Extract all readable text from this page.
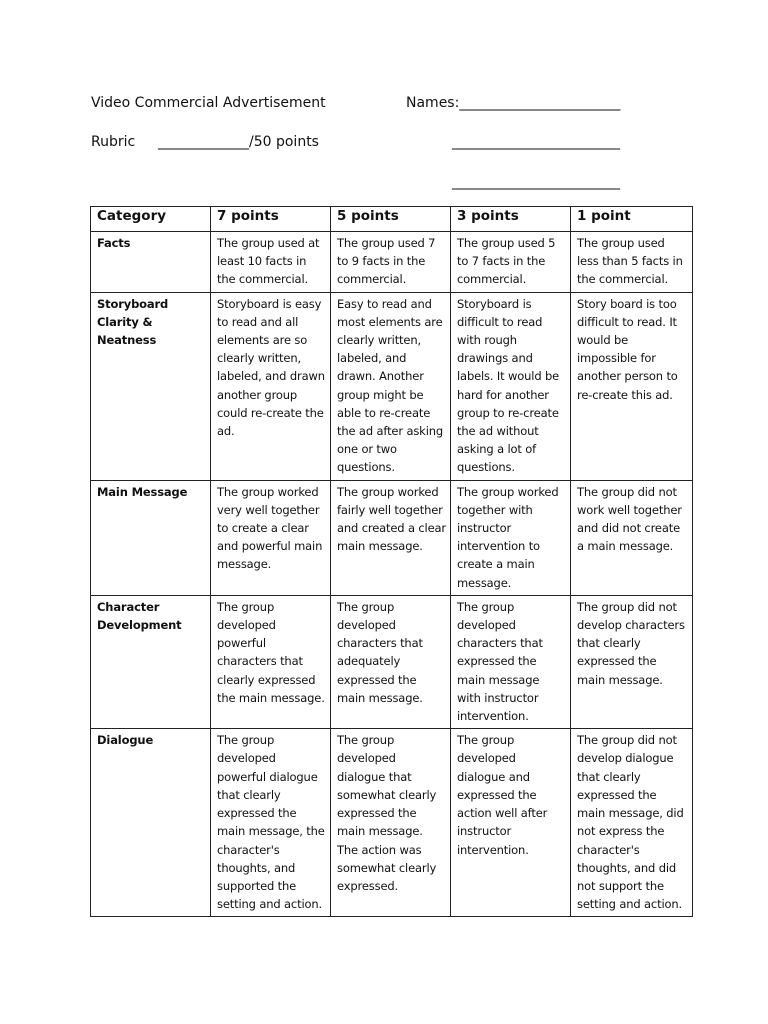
Video Commercial Advertisement	Names:_______________________
Rubric _____________/50 points	________________________
________________________
Category	7 points	5 points	3 points	1 point
Facts	The group used at least 10 facts in the commercial.	The group used 7 to 9 facts in the commercial.	The group used 5 to 7 facts in the commercial.	The group used less than 5 facts in the commercial.
Storyboard Clarity & Neatness	Storyboard is easy to read and all elements are so clearly written, labeled, and drawn another group could re-create the ad.	Easy to read and most elements are clearly written, labeled, and drawn. Another group might be able to re-create the ad after asking one or two questions.	Storyboard is difficult to read with rough drawings and labels. It would be hard for another group to re-create the ad without asking a lot of questions.	Story board is too difficult to read. It would be impossible for another person to re-create this ad.
Main Message	The group worked very well together to create a clear and powerful main message.	The group worked fairly well together and created a clear main message.	The group worked together with instructor intervention to create a main message.	The group did not work well together and did not create a main message.
Character Development	The group developed powerful characters that clearly expressed the main message.	The group developed characters that adequately expressed the main message.	The group developed characters that expressed the main message with instructor intervention.	The group did not develop characters that clearly expressed the main message.
Dialogue	The group developed powerful dialogue that clearly expressed the main message, the character's thoughts, and supported the setting and action.	The group developed dialogue that somewhat clearly expressed the main message. The action was somewhat clearly expressed.	The group developed dialogue and expressed the action well after instructor intervention.	The group did not develop dialogue that clearly expressed the main message, did not express the character's thoughts, and did not support the setting and action.
